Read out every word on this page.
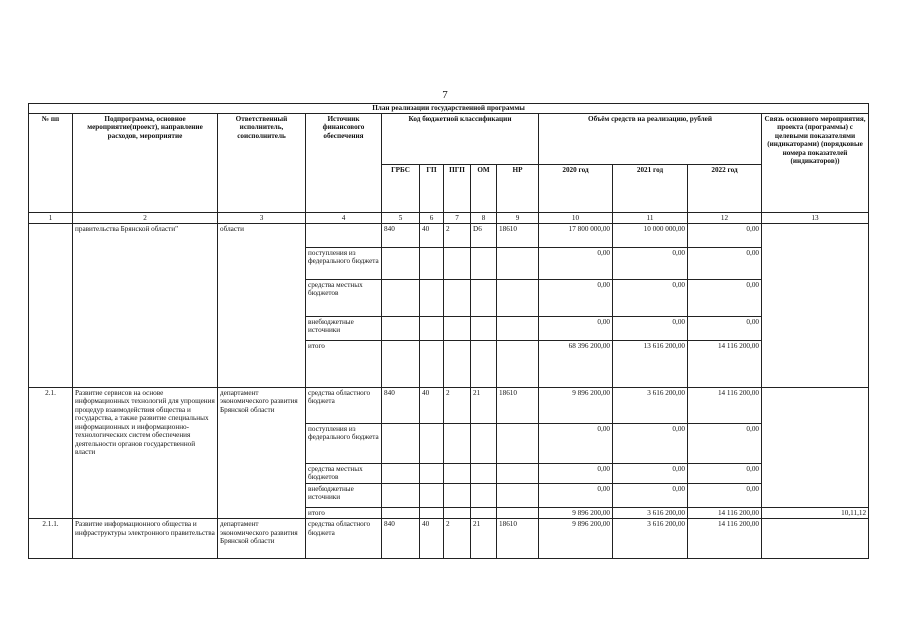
7
План реализации государственной программы												
№ пп	Подпрограмма, основное мероприятие(проект), направление расходов, мероприятие	Ответственный исполнитель, соисполнитель	Источник финансового обеспечения	Код бюджетной классификации					Объём средств на реализацию, рублей			Связь основного мероприятия, проекта (программы) с целевыми показателями (индикаторами) (порядковые номера показателей (индикаторов))
				ГРБС	ГП	ПГП	ОМ	НР	2020 год	2021 год	2022 год	
1	2	3	4	5	6	7	8	9	10	11	12	13
	правительства Брянской области"	области		840	40	2	D6	18610	17 800 000,00	10 000 000,00	0,00	
			поступления из федерального бюджета						0,00	0,00	0,00	
			средства местных бюджетов						0,00	0,00	0,00	
			внебюджетные источники						0,00	0,00	0,00	
			итого						68 396 200,00	13 616 200,00	14 116 200,00	
2.1.	Развитие сервисов на основе информационных технологий для упрощения процедур взаимодействия общества и государства, а также развитие специальных информационных и информационно-технологических систем обеспечения деятельности органов государственной власти	департамент экономического развития Брянской области	средства областного бюджета	840	40	2	21	18610	9 896 200,00	3 616 200,00	14 116 200,00	
			поступления из федерального бюджета						0,00	0,00	0,00	
			средства местных бюджетов						0,00	0,00	0,00	
			внебюджетные источники						0,00	0,00	0,00	
			итого						9 896 200,00	3 616 200,00	14 116 200,00	10,11,12
2.1.1.	Развитие информационного общества и инфраструктуры электронного правительства	департамент экономического развития Брянской области	средства областного бюджета	840	40	2	21	18610	9 896 200,00	3 616 200,00	14 116 200,00	
